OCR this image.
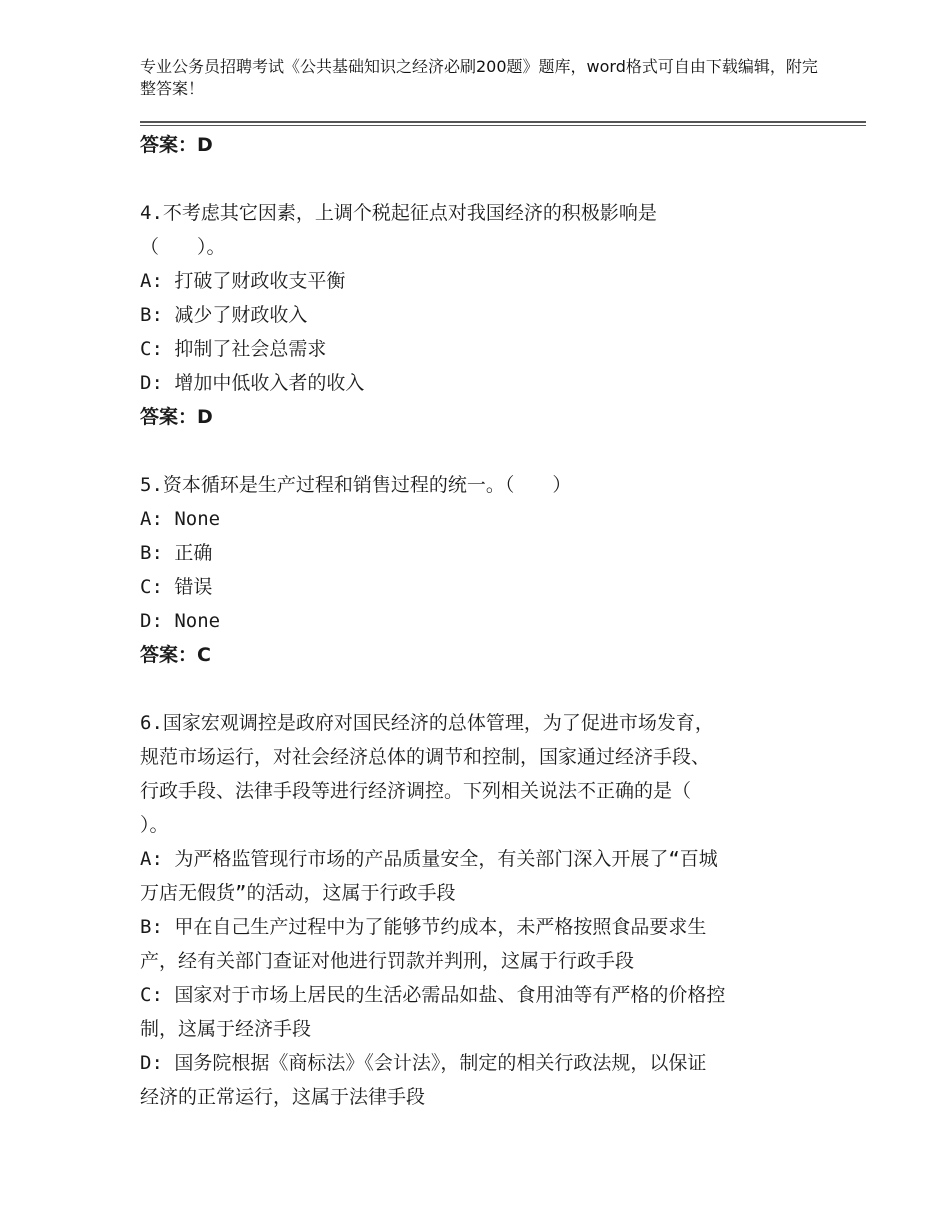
专业公务员招聘考试《公共基础知识之经济必刷200题》题库，word格式可自由下载编辑，附完整答案！
答案：D
4.不考虑其它因素，上调个税起征点对我国经济的积极影响是
（　　）。
A: 打破了财政收支平衡
B: 减少了财政收入
C: 抑制了社会总需求
D: 增加中低收入者的收入
答案：D
5.资本循环是生产过程和销售过程的统一。（　　）
A: None
B: 正确
C: 错误
D: None
答案：C
6.国家宏观调控是政府对国民经济的总体管理，为了促进市场发育，
规范市场运行，对社会经济总体的调节和控制，国家通过经济手段、
行政手段、法律手段等进行经济调控。下列相关说法不正确的是（
）。
A: 为严格监管现行市场的产品质量安全，有关部门深入开展了“百城
万店无假货”的活动，这属于行政手段
B: 甲在自己生产过程中为了能够节约成本，未严格按照食品要求生
产，经有关部门查证对他进行罚款并判刑，这属于行政手段
C: 国家对于市场上居民的生活必需品如盐、食用油等有严格的价格控
制，这属于经济手段
D: 国务院根据《商标法》《会计法》，制定的相关行政法规，以保证
经济的正常运行，这属于法律手段
